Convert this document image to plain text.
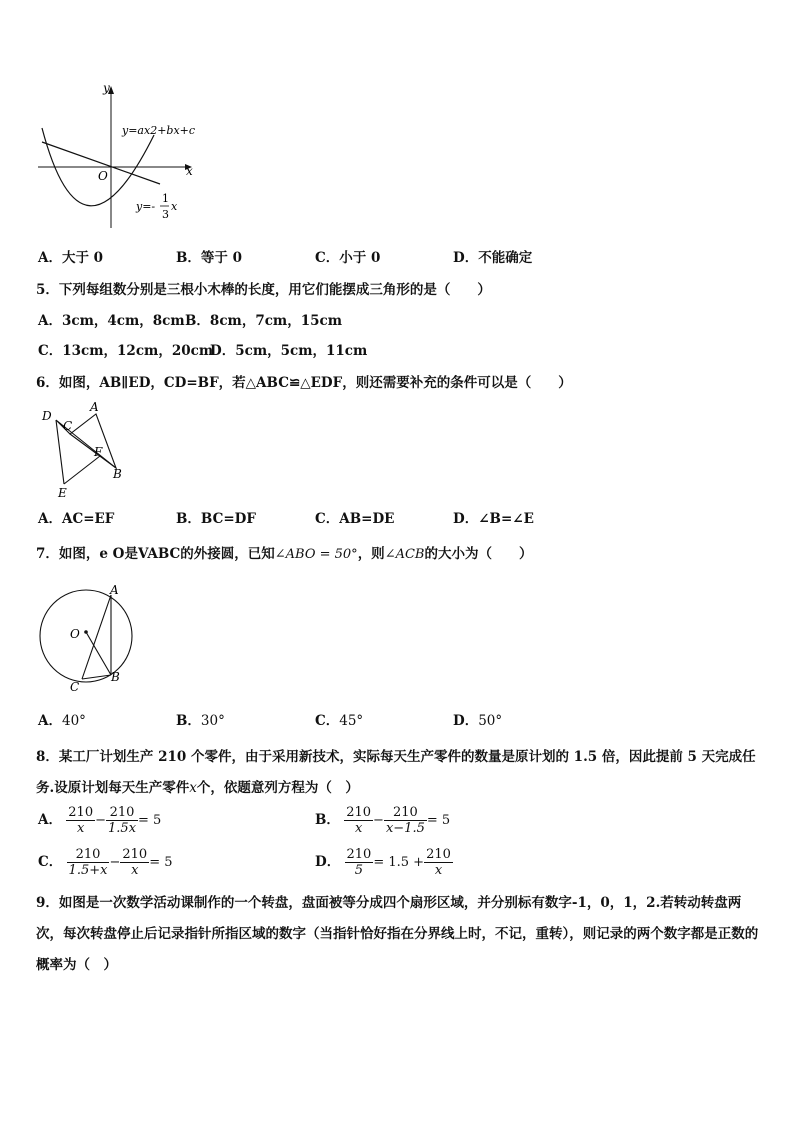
y
x
O
y=ax2+bx+c
y=-
1
3
x
A．大于 0	B．等于 0	C．小于 0	D．不能确定
5．下列每组数分别是三根小木棒的长度，用它们能摆成三角形的是（　　）
A．3cm，4cm，8cm B．8cm，7cm，15cm
C．13cm，12cm，20cm
D．5cm，5cm，11cm
6．如图，AB∥ED，CD=BF，若△ABC≌△EDF，则还需要补充的条件可以是（　　）
D
A
C
F
B
E
A．AC=EF	B．BC=DF	C．AB=DE	D．∠B=∠E
7．如图，e O是VABC的外接圆，已知∠ABO = 50°，则∠ACB的大小为（　　）
A
O
C
B
A．40°	B．30°	C．45°	D．50°
8．某工厂计划生产 210 个零件，由于采用新技术，实际每天生产零件的数量是原计划的 1.5 倍，因此提前 5 天完成任
务.设原计划每天生产零件x个，依题意列方程为（　）
A． $\frac{210}{x} - \frac{210}{1.5x} = 5$	B． $\frac{210}{x} - \frac{210}{x-1.5} = 5$
C． $\frac{210}{1.5+x} - \frac{210}{x} = 5$	D． $\frac{210}{5} = 1.5 + \frac{210}{x}$
9．如图是一次数学活动课制作的一个转盘，盘面被等分成四个扇形区域，并分别标有数字-1，0，1，2.若转动转盘两次，每次转盘停止后记录指针所指区域的数字（当指针恰好指在分界线上时，不记，重转），则记录的两个数字都是正数的概率为（　）
